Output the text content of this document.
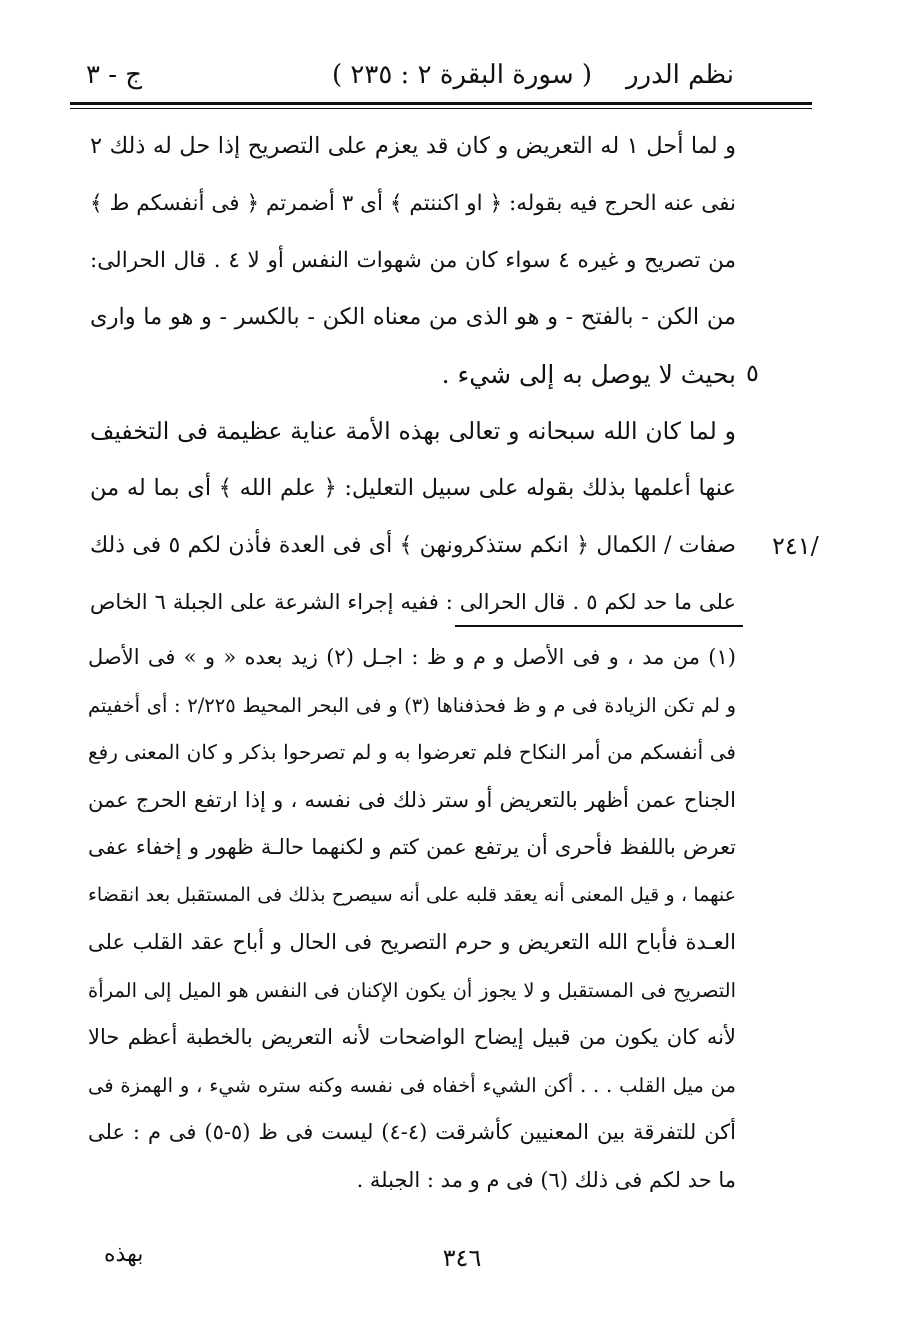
نظم الدرر
( سورة البقرة ٢ : ٢٣٥ )
ج - ٣
و لما أحل ١ له التعريض و كان قد يعزم على التصريح إذا حل له ذلك ٢
نفى عنه الحرج فيه بقوله: ﴿ او اكننتم ﴾ أى ٣ أضمرتم ﴿ فى أنفسكم ط ﴾
من تصريح و غيره ٤ سواء كان من شهوات النفس أو لا ٤ . قال الحرالى:
من الكن - بالفتح - و هو الذى من معناه الكن - بالكسر - و هو ما وارى
بحيث لا يوصل به إلى شيء .
و لما كان الله سبحانه و تعالى بهذه الأمة عناية عظيمة فى التخفيف
عنها أعلمها بذلك بقوله على سبيل التعليل: ﴿ علم الله ﴾ أى بما له من
صفات / الكمال ﴿ انكم ستذكرونهن ﴾ أى فى العدة فأذن لكم ٥ فى ذلك
على ما حد لكم ٥ . قال الحرالى : ففيه إجراء الشرعة على الجبلة ٦ الخاص
٥
/٢٤١
(١) من مد ، و فى الأصل و م و ظ : اجـل (٢) زيد بعده « و » فى الأصل
و لم تكن الزيادة فى م و ظ فحذفناها (٣) و فى البحر المحيط ٢/٢٢٥ : أى أخفيتم
فى أنفسكم من أمر النكاح فلم تعرضوا به و لم تصرحوا بذكر و كان المعنى رفع
الجناح عمن أظهر بالتعريض أو ستر ذلك فى نفسه ، و إذا ارتفع الحرج عمن
تعرض باللفظ فأحرى أن يرتفع عمن كتم و لكنهما حالـة ظهور و إخفاء عفى
عنهما ، و قيل المعنى أنه يعقد قلبه على أنه سيصرح بذلك فى المستقبل بعد انقضاء
العـدة فأباح الله التعريض و حرم التصريح فى الحال و أباح عقد القلب على
التصريح فى المستقبل و لا يجوز أن يكون الإكنان فى النفس هو الميل إلى المرأة
لأنه كان يكون من قبيل إيضاح الواضحات لأنه التعريض بالخطبة أعظم حالا
من ميل القلب . . . أكن الشيء أخفاه فى نفسه وكنه ستره شيء ، و الهمزة فى
أكن للتفرقة بين المعنيين كأشرقت (٤-٤) ليست فى ظ (٥-٥) فى م : على
ما حد لكم فى ذلك (٦) فى م و مد : الجبلة .
بهذه	٣٤٦
